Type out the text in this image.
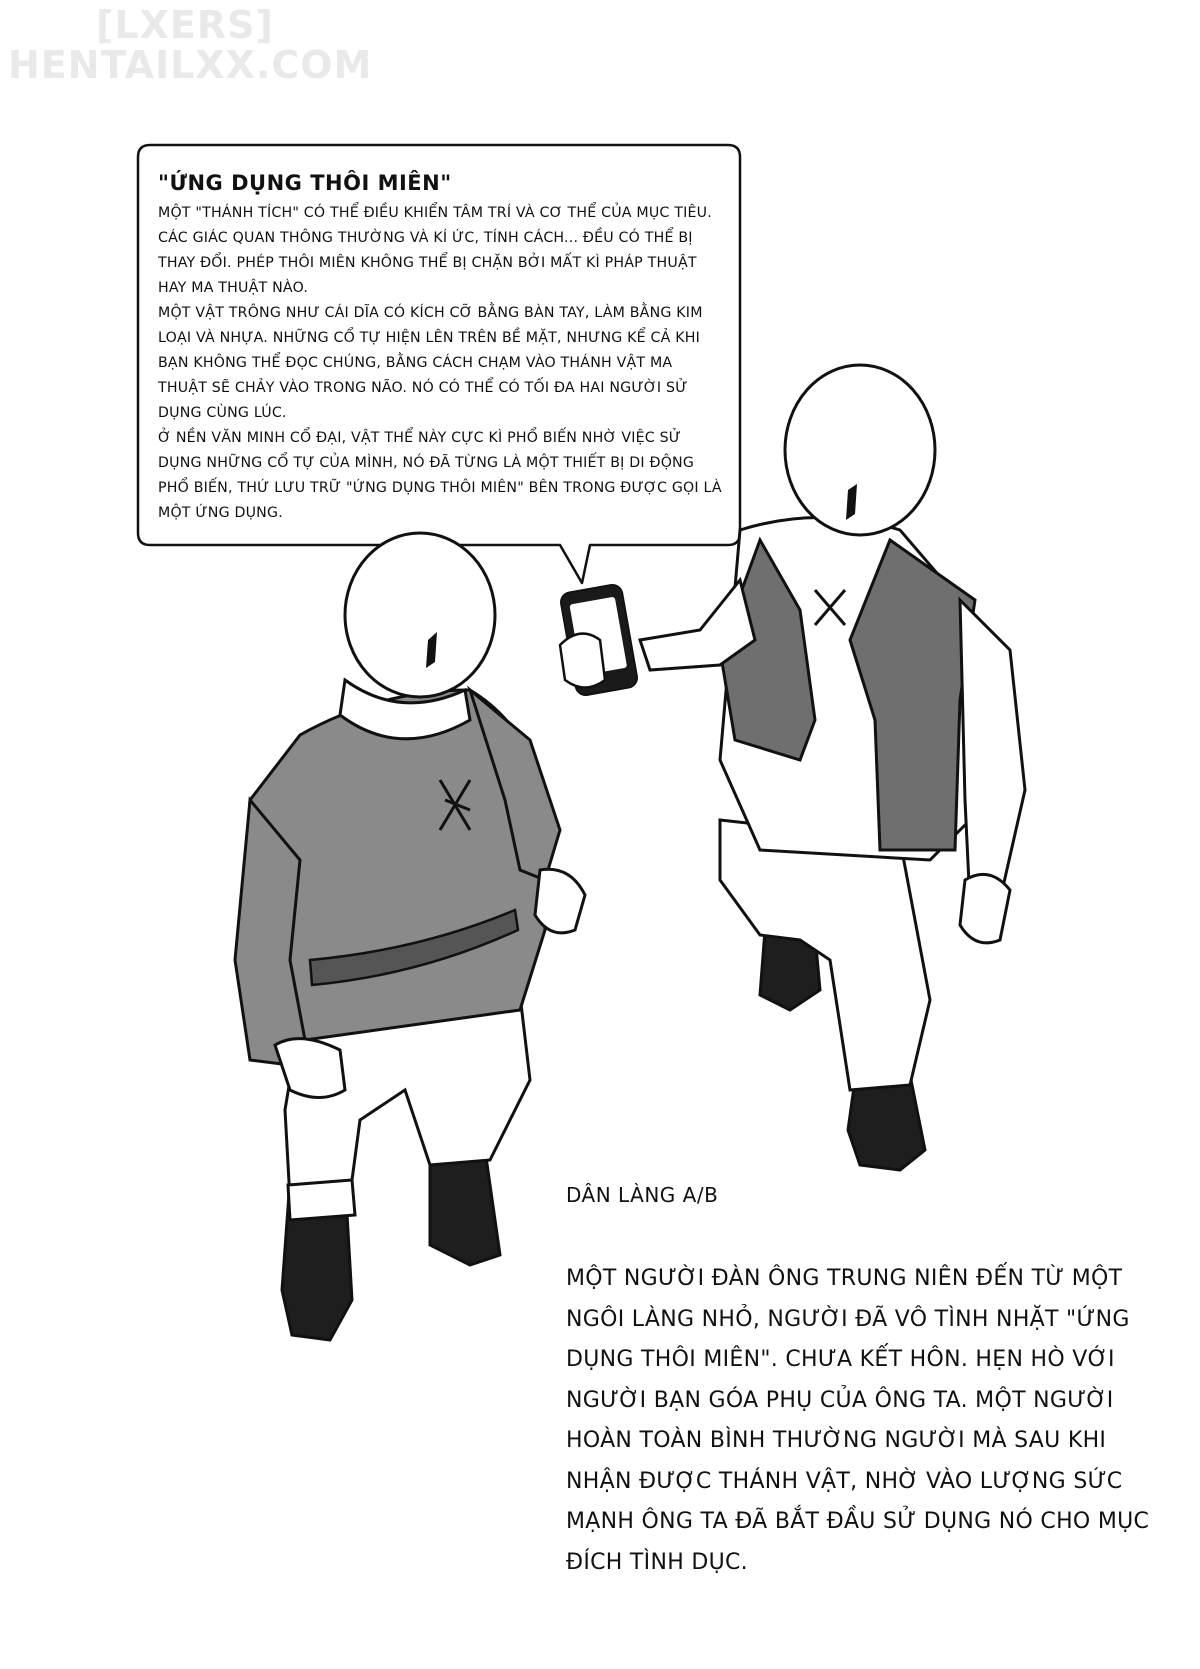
[LXERS]
HENTAILXX.COM
"ỨNG DỤNG THÔI MIÊN"

MỘT "THÁNH TÍCH" CÓ THỂ ĐIỀU KHIỂN TÂM TRÍ VÀ CƠ THỂ CỦA MỤC TIÊU. CÁC GIÁC QUAN THÔNG THƯỜNG VÀ KÍ ỨC, TÍNH CÁCH... ĐỀU CÓ THỂ BỊ THAY ĐỔI. PHÉP THÔI MIÊN KHÔNG THỂ BỊ CHẶN BỞI MẤT KÌ PHÁP THUẬT HAY MA THUẬT NÀO.

MỘT VẬT TRÔNG NHƯ CÁI DĨA CÓ KÍCH CỠ BẰNG BÀN TAY, LÀM BẰNG KIM LOẠI VÀ NHỰA. NHỮNG CỔ TỰ HIỆN LÊN TRÊN BỀ MẶT, NHƯNG KỂ CẢ KHI BẠN KHÔNG THỂ ĐỌC CHÚNG, BẰNG CÁCH CHẠM VÀO THÁNH VẬT MA THUẬT SẼ CHẢY VÀO TRONG NÃO. NÓ CÓ THỂ CÓ TỐI ĐA HAI NGƯỜI SỬ DỤNG CÙNG LÚC.

Ở NỀN VĂN MINH CỔ ĐẠI, VẬT THỂ NÀY CỰC KÌ PHỔ BIẾN NHỜ VIỆC SỬ DỤNG NHỮNG CỔ TỰ CỦA MÌNH, NÓ ĐÃ TỪNG LÀ MỘT THIẾT BỊ DI ĐỘNG PHỔ BIẾN, THỨ LƯU TRỮ "ỨNG DỤNG THÔI MIÊN" BÊN TRONG ĐƯỢC GỌI LÀ MỘT ỨNG DỤNG.

DÂN LÀNG A/B
MỘT NGƯỜI ĐÀN ÔNG TRUNG NIÊN ĐẾN TỪ MỘT NGÔI LÀNG NHỎ, NGƯỜI ĐÃ VÔ TÌNH NHẶT "ỨNG DỤNG THÔI MIÊN". CHƯA KẾT HÔN. HẸN HÒ VỚI NGƯỜI BẠN GÓA PHỤ CỦA ÔNG TA. MỘT NGƯỜI HOÀN TOÀN BÌNH THƯỜNG NGƯỜI MÀ SAU KHI NHẬN ĐƯỢC THÁNH VẬT, NHỜ VÀO LƯỢNG SỨC MẠNH ÔNG TA ĐÃ BẮT ĐẦU SỬ DỤNG NÓ CHO MỤC ĐÍCH TÌNH DỤC.
